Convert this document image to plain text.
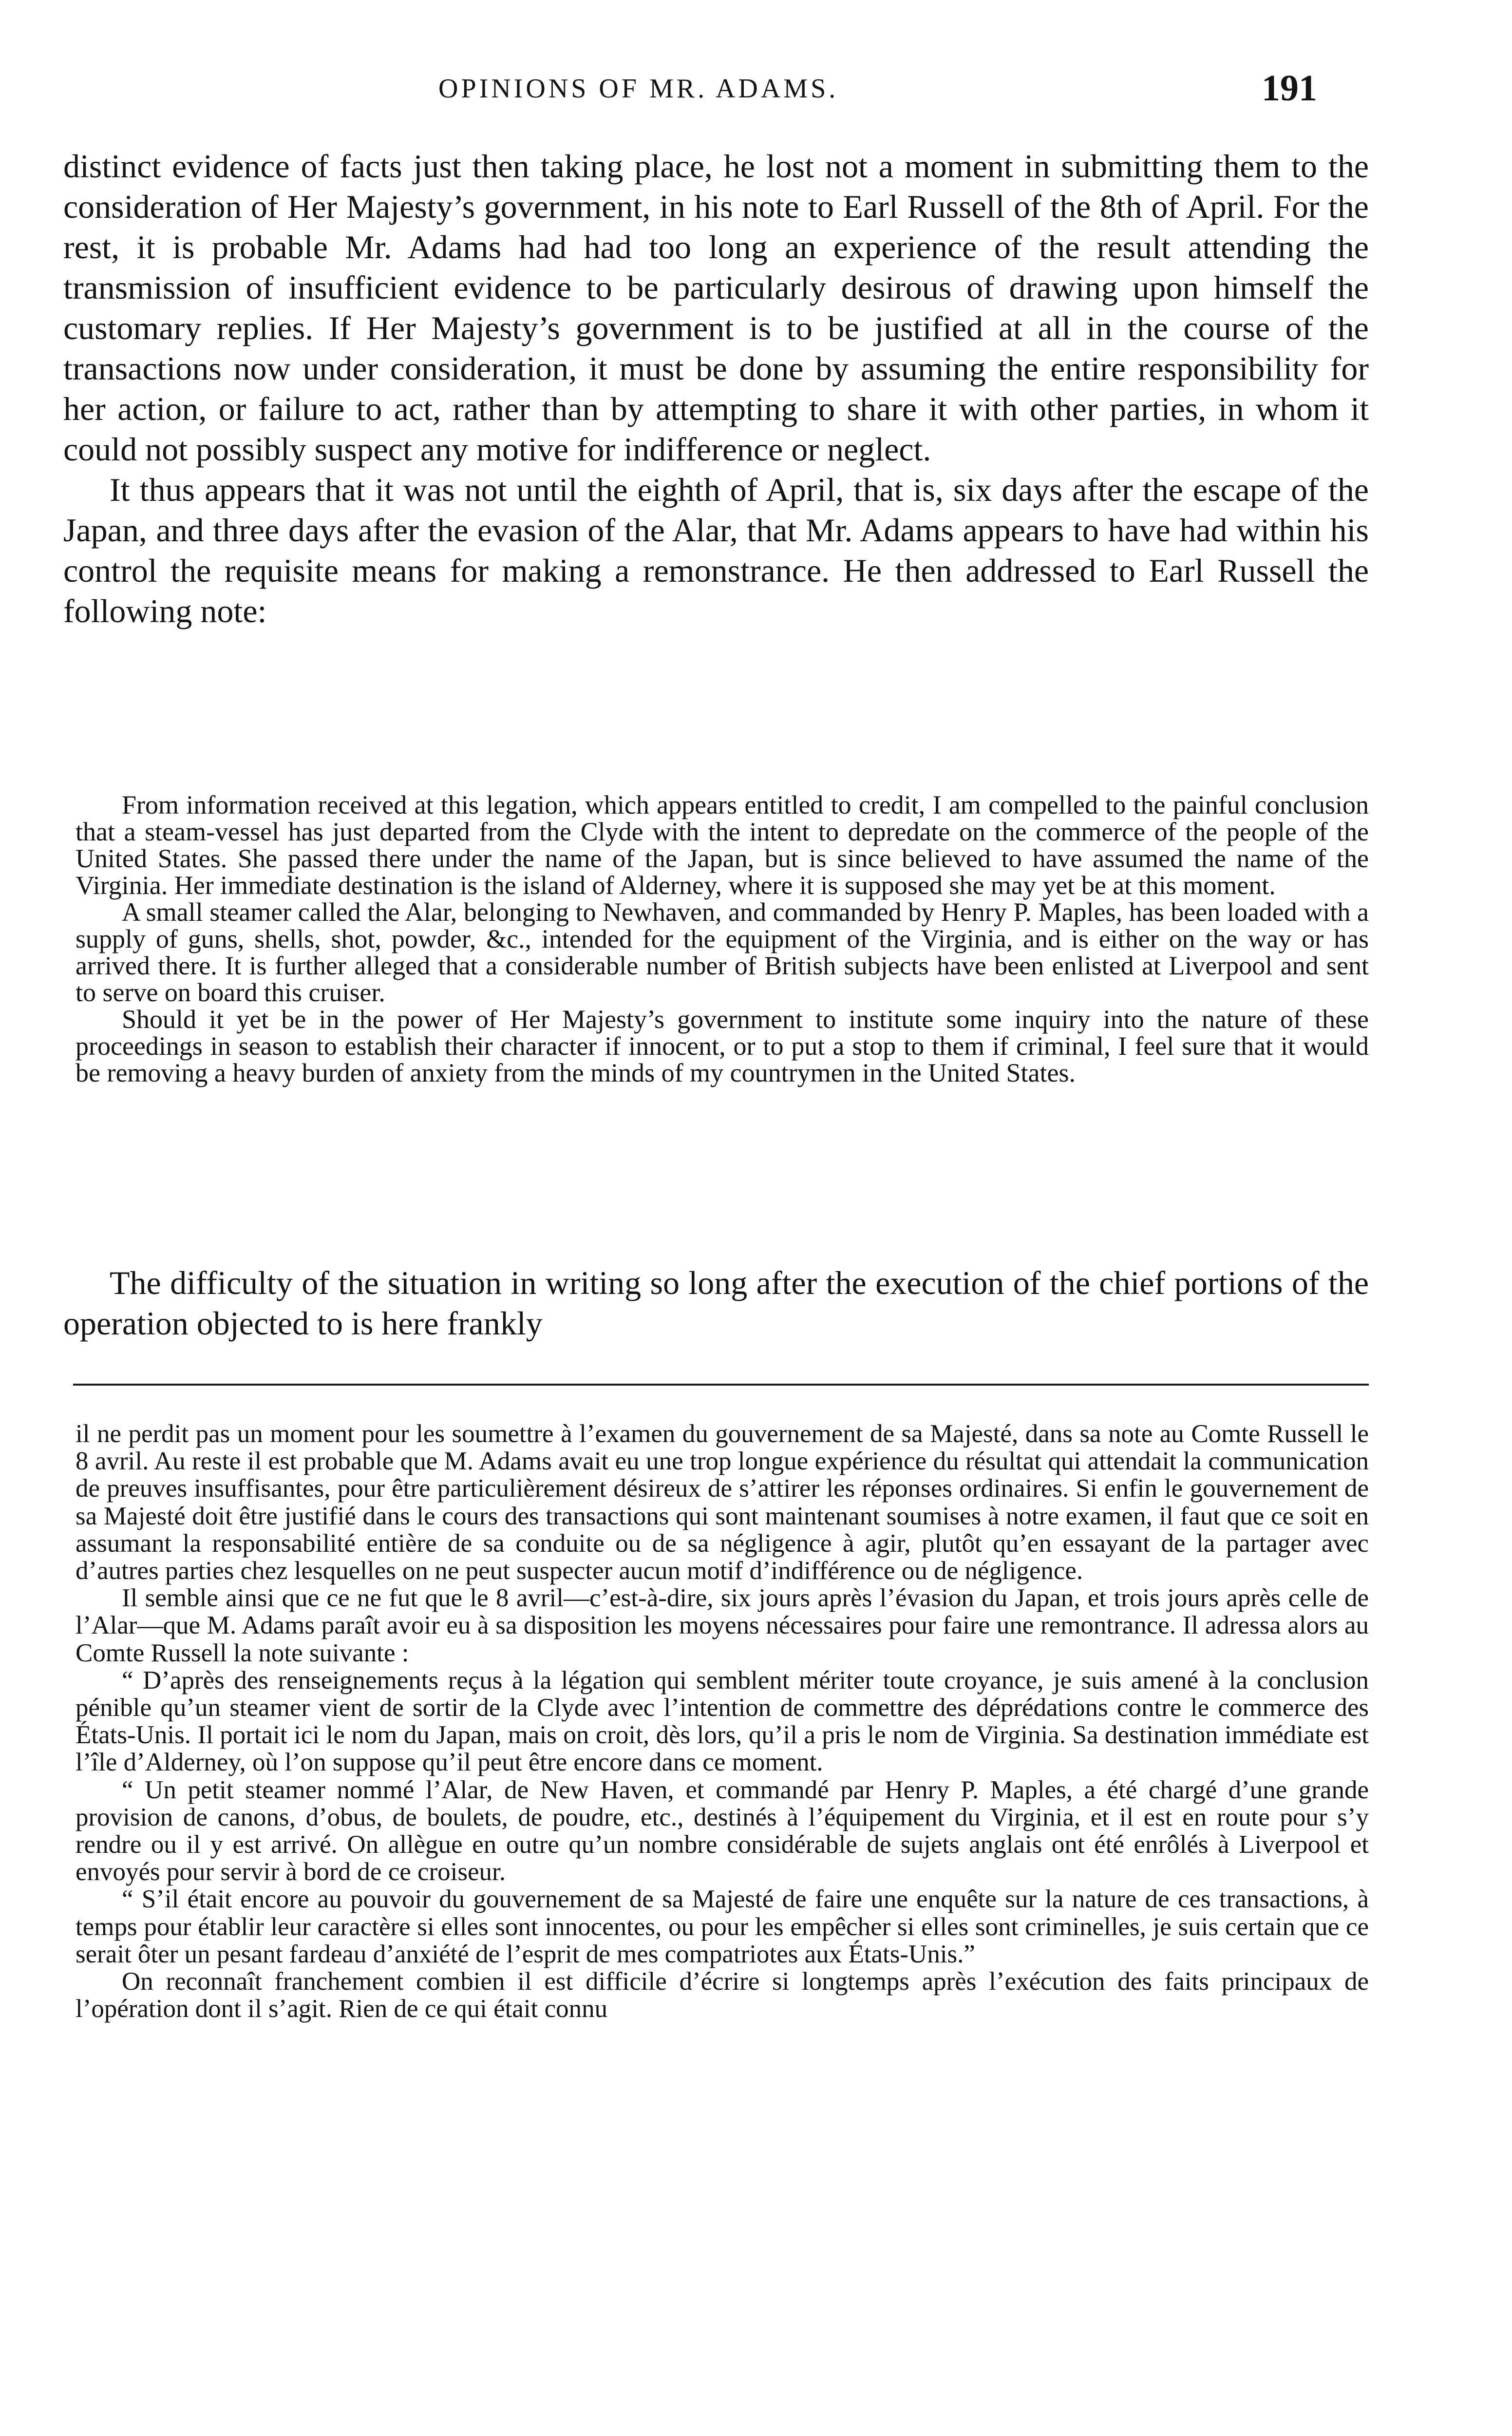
OPINIONS OF MR. ADAMS.	191

distinct evidence of facts just then taking place, he lost not a moment in submitting them to the consideration of Her Majesty’s government, in his note to Earl Russell of the 8th of April. For the rest, it is probable Mr. Adams had had too long an experience of the result attending the transmission of insufficient evidence to be particularly desirous of drawing upon himself the customary replies. If Her Majesty’s government is to be justified at all in the course of the transactions now under consideration, it must be done by assuming the entire responsibility for her action, or failure to act, rather than by attempting to share it with other parties, in whom it could not possibly suspect any motive for indifference or neglect.

It thus appears that it was not until the eighth of April, that is, six days after the escape of the Japan, and three days after the evasion of the Alar, that Mr. Adams appears to have had within his control the requisite means for making a remonstrance. He then addressed to Earl Russell the following note:

From information received at this legation, which appears entitled to credit, I am compelled to the painful conclusion that a steam-vessel has just departed from the Clyde with the intent to depredate on the commerce of the people of the United States. She passed there under the name of the Japan, but is since believed to have assumed the name of the Virginia. Her immediate destination is the island of Alderney, where it is supposed she may yet be at this moment.

A small steamer called the Alar, belonging to Newhaven, and commanded by Henry P. Maples, has been loaded with a supply of guns, shells, shot, powder, &c., intended for the equipment of the Virginia, and is either on the way or has arrived there. It is further alleged that a considerable number of British subjects have been enlisted at Liverpool and sent to serve on board this cruiser.

Should it yet be in the power of Her Majesty’s government to institute some inquiry into the nature of these proceedings in season to establish their character if innocent, or to put a stop to them if criminal, I feel sure that it would be removing a heavy burden of anxiety from the minds of my countrymen in the United States.

The difficulty of the situation in writing so long after the execution of the chief portions of the operation objected to is here frankly

il ne perdit pas un moment pour les soumettre à l’examen du gouvernement de sa Majesté, dans sa note au Comte Russell le 8 avril. Au reste il est probable que M. Adams avait eu une trop longue expérience du résultat qui attendait la communication de preuves insuffisantes, pour être particulièrement désireux de s’attirer les réponses ordinaires. Si enfin le gouvernement de sa Majesté doit être justifié dans le cours des transactions qui sont maintenant soumises à notre examen, il faut que ce soit en assumant la responsabilité entière de sa conduite ou de sa négligence à agir, plutôt qu’en essayant de la partager avec d’autres parties chez lesquelles on ne peut suspecter aucun motif d’indifférence ou de négligence.

Il semble ainsi que ce ne fut que le 8 avril—c’est-à-dire, six jours après l’évasion du Japan, et trois jours après celle de l’Alar—que M. Adams paraît avoir eu à sa disposition les moyens nécessaires pour faire une remontrance. Il adressa alors au Comte Russell la note suivante :

“ D’après des renseignements reçus à la légation qui semblent mériter toute croyance, je suis amené à la conclusion pénible qu’un steamer vient de sortir de la Clyde avec l’intention de commettre des déprédations contre le commerce des États-Unis. Il portait ici le nom du Japan, mais on croit, dès lors, qu’il a pris le nom de Virginia. Sa destination immédiate est l’île d’Alderney, où l’on suppose qu’il peut être encore dans ce moment.

“ Un petit steamer nommé l’Alar, de New Haven, et commandé par Henry P. Maples, a été chargé d’une grande provision de canons, d’obus, de boulets, de poudre, etc., destinés à l’équipement du Virginia, et il est en route pour s’y rendre ou il y est arrivé. On allègue en outre qu’un nombre considérable de sujets anglais ont été enrôlés à Liverpool et envoyés pour servir à bord de ce croiseur.

“ S’il était encore au pouvoir du gouvernement de sa Majesté de faire une enquête sur la nature de ces transactions, à temps pour établir leur caractère si elles sont innocentes, ou pour les empêcher si elles sont criminelles, je suis certain que ce serait ôter un pesant fardeau d’anxiété de l’esprit de mes compatriotes aux États-Unis.”

On reconnaît franchement combien il est difficile d’écrire si longtemps après l’exécution des faits principaux de l’opération dont il s’agit. Rien de ce qui était connu
